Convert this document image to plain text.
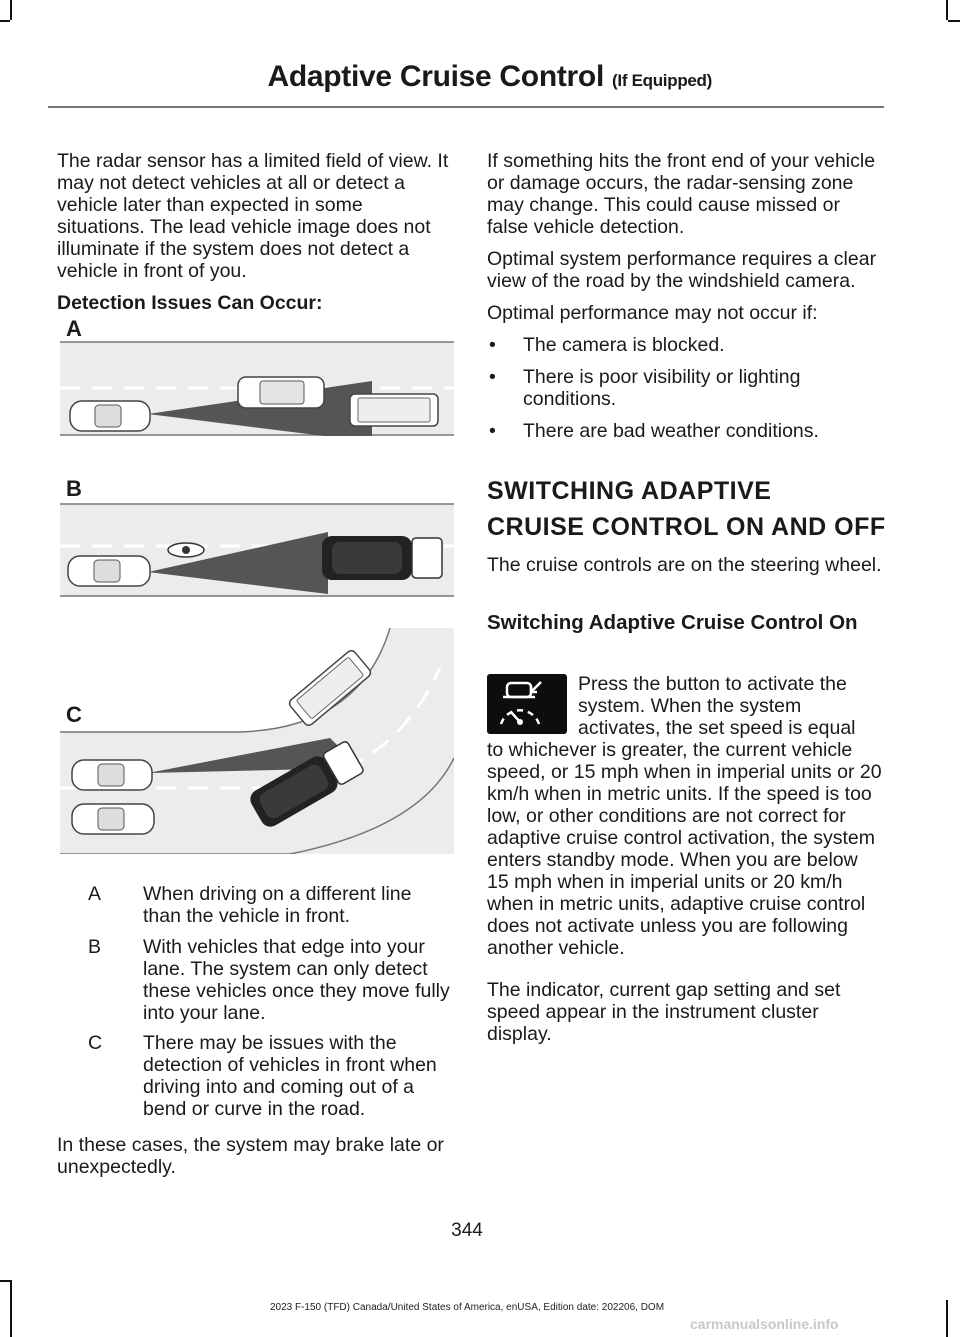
Adaptive Cruise Control (If Equipped)

The radar sensor has a limited field of view. It may not detect vehicles at all or detect a vehicle later than expected in some situations. The lead vehicle image does not illuminate if the system does not detect a vehicle in front of you.

Detection Issues Can Occur:

A
B
C
A	When driving on a different line than the vehicle in front.
B	With vehicles that edge into your lane. The system can only detect these vehicles once they move fully into your lane.
C	There may be issues with the detection of vehicles in front when driving into and coming out of a bend or curve in the road.

In these cases, the system may brake late or unexpectedly.

If something hits the front end of your vehicle or damage occurs, the radar-sensing zone may change. This could cause missed or false vehicle detection.

Optimal system performance requires a clear view of the road by the windshield camera.

Optimal performance may not occur if:

• The camera is blocked.
• There is poor visibility or lighting conditions.
• There are bad weather conditions.
SWITCHING ADAPTIVE
CRUISE CONTROL ON AND OFF

The cruise controls are on the steering wheel.

Switching Adaptive Cruise Control On

Press the button to activate the system. When the system activates, the set speed is equal

to whichever is greater, the current vehicle speed, or 15 mph when in imperial units or 20 km/h when in metric units. If the speed is too low, or other conditions are not correct for adaptive cruise control activation, the system enters standby mode. When you are below 15 mph when in imperial units or 20 km/h when in metric units, adaptive cruise control does not activate unless you are following another vehicle.

The indicator, current gap setting and set speed appear in the instrument cluster display.

344
2023 F-150 (TFD) Canada/United States of America, enUSA, Edition date: 202206, DOM
carmanualsonline.info
